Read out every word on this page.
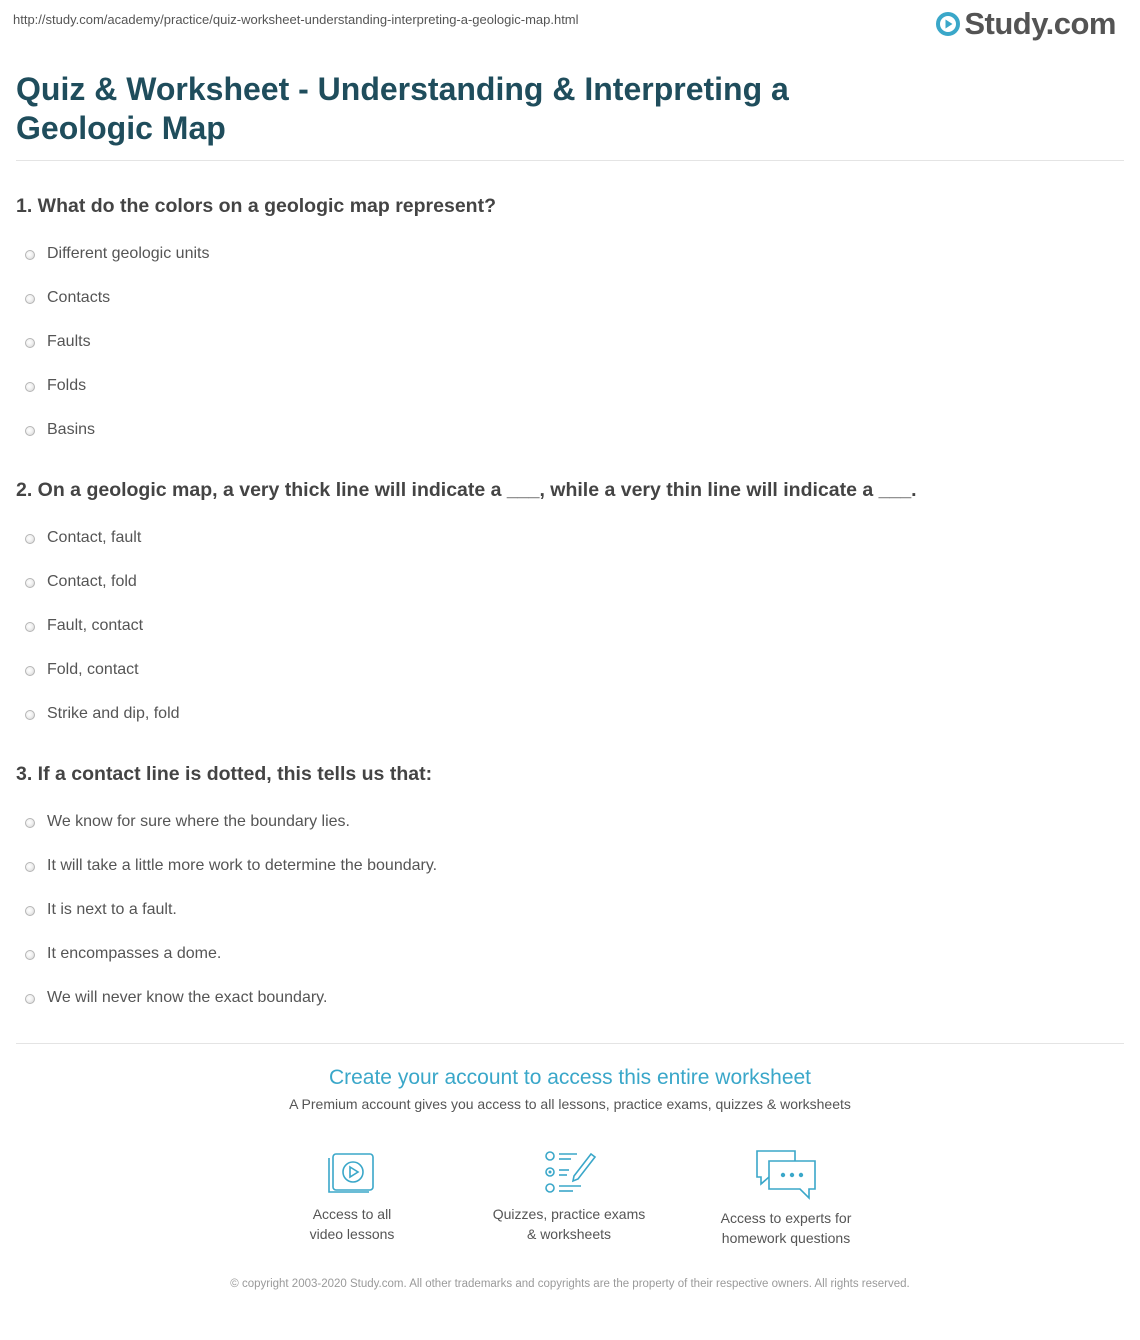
http://study.com/academy/practice/quiz-worksheet-understanding-interpreting-a-geologic-map.html	Study.com
Quiz & Worksheet - Understanding & Interpreting a Geologic Map

1. What do the colors on a geologic map represent?

Different geologic units
Contacts
Faults
Folds
Basins

2. On a geologic map, a very thick line will indicate a ___, while a very thin line will indicate a ___.

Contact, fault
Contact, fold
Fault, contact
Fold, contact
Strike and dip, fold

3. If a contact line is dotted, this tells us that:

We know for sure where the boundary lies.
It will take a little more work to determine the boundary.
It is next to a fault.
It encompasses a dome.
We will never know the exact boundary.

Create your account to access this entire worksheet

A Premium account gives you access to all lessons, practice exams, quizzes & worksheets
Access to all
video lessons
Quizzes, practice exams
& worksheets
Access to experts for
homework questions
© copyright 2003-2020 Study.com. All other trademarks and copyrights are the property of their respective owners. All rights reserved.
